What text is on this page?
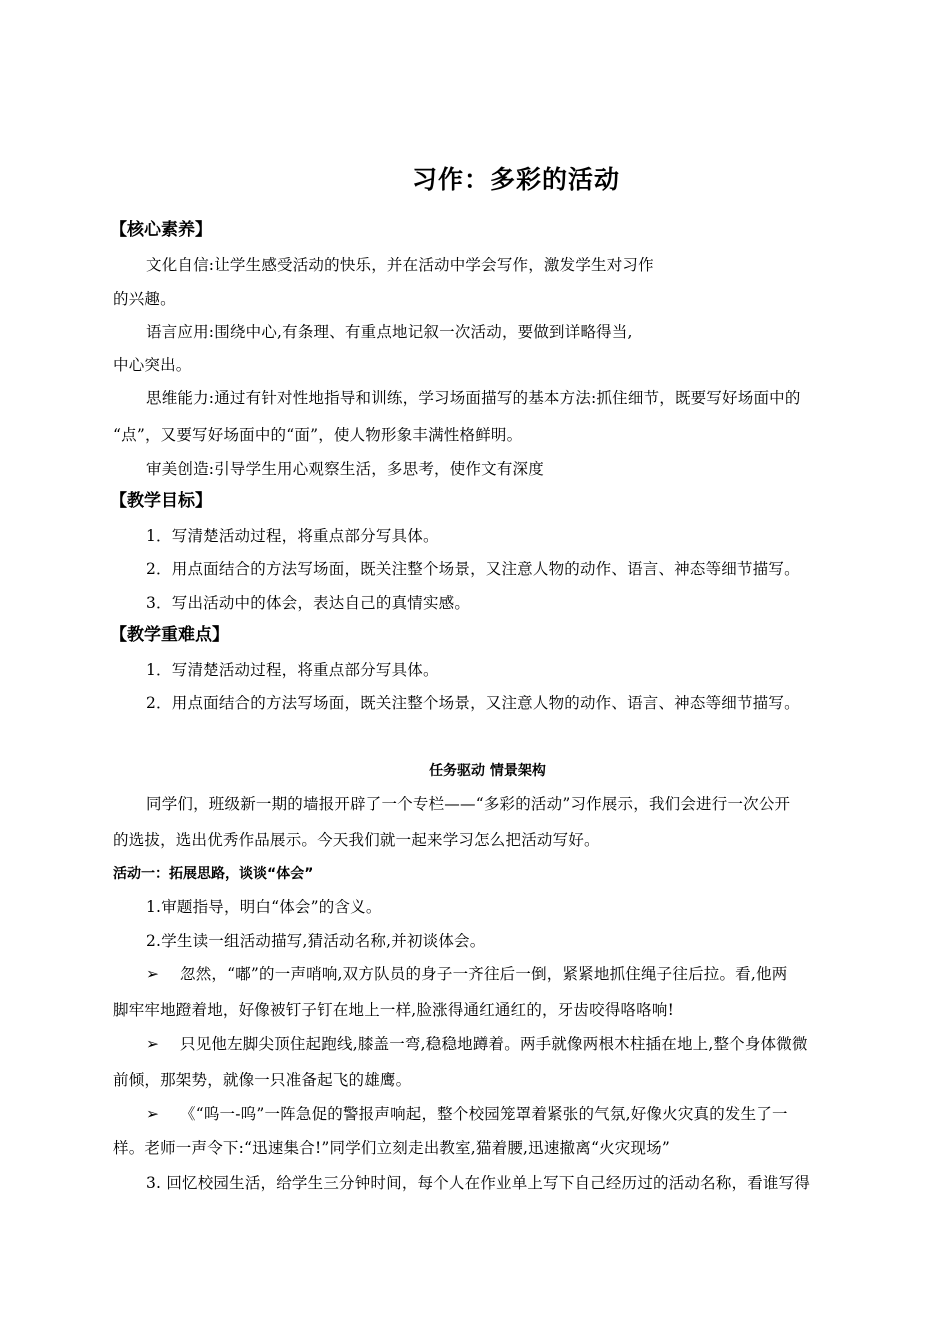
习作：多彩的活动
【核心素养】
文化自信:让学生感受活动的快乐，并在活动中学会写作，激发学生对习作
的兴趣。
语言应用:围绕中心,有条理、有重点地记叙一次活动，要做到详略得当,
中心突出。
思维能力:通过有针对性地指导和训练，学习场面描写的基本方法:抓住细节，既要写好场面中的
“点”，又要写好场面中的“面”，使人物形象丰满性格鲜明。
审美创造:引导学生用心观察生活，多思考，使作文有深度
【教学目标】
1．写清楚活动过程，将重点部分写具体。
2．用点面结合的方法写场面，既关注整个场景，又注意人物的动作、语言、神态等细节描写。
3．写出活动中的体会，表达自己的真情实感。
【教学重难点】
1．写清楚活动过程，将重点部分写具体。
2．用点面结合的方法写场面，既关注整个场景，又注意人物的动作、语言、神态等细节描写。
任务驱动 情景架构
同学们，班级新一期的墙报开辟了一个专栏——“多彩的活动”习作展示，我们会进行一次公开
的选拔，选出优秀作品展示。今天我们就一起来学习怎么把活动写好。
活动一：拓展思路，谈谈“体会”
1.审题指导，明白“体会”的含义。
2.学生读一组活动描写,猜活动名称,并初谈体会。
➢ 忽然，“嘟”的一声哨响,双方队员的身子一齐往后一倒，紧紧地抓住绳子往后拉。看,他两
脚牢牢地蹬着地，好像被钉子钉在地上一样,脸涨得通红通红的，牙齿咬得咯咯响!
➢ 只见他左脚尖顶住起跑线,膝盖一弯,稳稳地蹲着。两手就像两根木柱插在地上,整个身体微微
前倾，那架势，就像一只准备起飞的雄鹰。
➢ 《“呜一-呜”一阵急促的警报声响起，整个校园笼罩着紧张的气氛,好像火灾真的发生了一
样。老师一声令下:“迅速集合!”同学们立刻走出教室,猫着腰,迅速撤离“火灾现场”
3. 回忆校园生活，给学生三分钟时间，每个人在作业单上写下自己经历过的活动名称，看谁写得
